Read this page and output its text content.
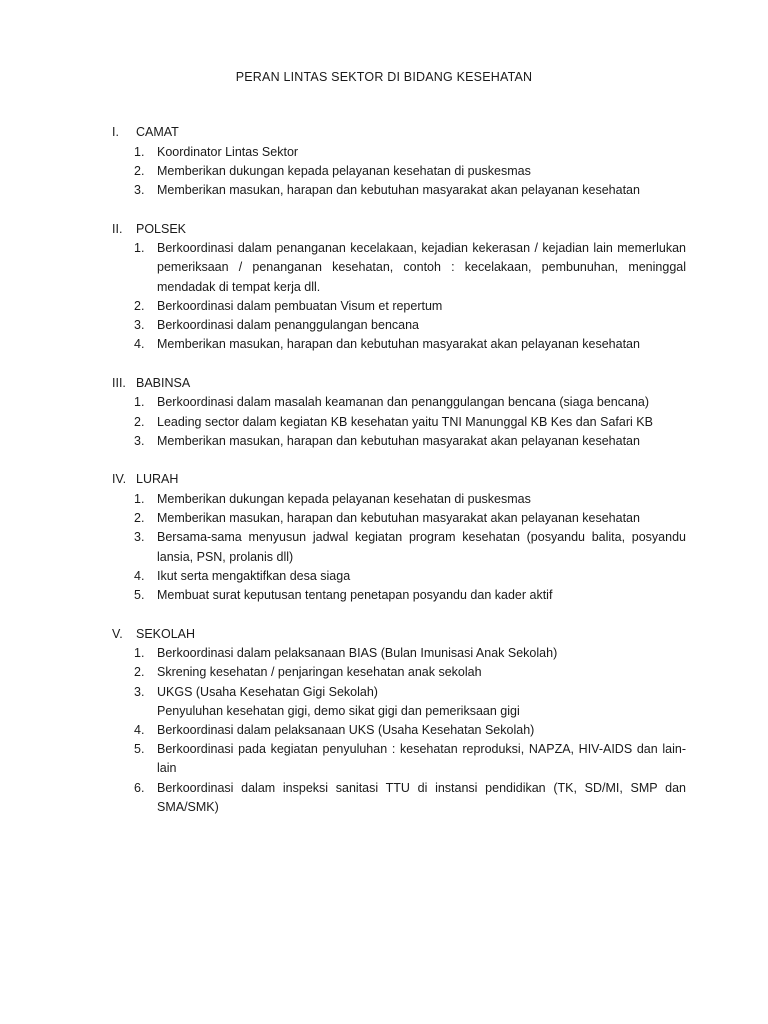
PERAN LINTAS SEKTOR DI BIDANG KESEHATAN
I. CAMAT
1. Koordinator Lintas Sektor
2. Memberikan dukungan kepada pelayanan kesehatan di puskesmas
3. Memberikan masukan, harapan dan kebutuhan masyarakat akan pelayanan kesehatan
II. POLSEK
1. Berkoordinasi dalam penanganan kecelakaan, kejadian kekerasan / kejadian lain memerlukan pemeriksaan / penanganan kesehatan, contoh : kecelakaan, pembunuhan, meninggal mendadak di tempat kerja dll.
2. Berkoordinasi dalam pembuatan Visum et repertum
3. Berkoordinasi dalam penanggulangan bencana
4. Memberikan masukan, harapan dan kebutuhan masyarakat akan pelayanan kesehatan
III. BABINSA
1. Berkoordinasi dalam masalah keamanan dan penanggulangan bencana (siaga bencana)
2. Leading sector dalam kegiatan KB kesehatan yaitu TNI Manunggal KB Kes dan Safari KB
3. Memberikan masukan, harapan dan kebutuhan masyarakat akan pelayanan kesehatan
IV. LURAH
1. Memberikan dukungan kepada pelayanan kesehatan di puskesmas
2. Memberikan masukan, harapan dan kebutuhan masyarakat akan pelayanan kesehatan
3. Bersama-sama menyusun jadwal kegiatan program kesehatan (posyandu balita, posyandu lansia, PSN, prolanis dll)
4. Ikut serta mengaktifkan desa siaga
5. Membuat surat keputusan tentang penetapan posyandu dan kader aktif
V. SEKOLAH
1. Berkoordinasi dalam pelaksanaan BIAS (Bulan Imunisasi Anak Sekolah)
2. Skrening kesehatan / penjaringan kesehatan anak sekolah
3. UKGS (Usaha Kesehatan Gigi Sekolah)
Penyuluhan kesehatan gigi, demo sikat gigi dan pemeriksaan gigi
4. Berkoordinasi dalam pelaksanaan UKS (Usaha Kesehatan Sekolah)
5. Berkoordinasi pada kegiatan penyuluhan : kesehatan reproduksi, NAPZA, HIV-AIDS dan lain-lain
6. Berkoordinasi dalam inspeksi sanitasi TTU di instansi pendidikan (TK, SD/MI, SMP dan SMA/SMK)
